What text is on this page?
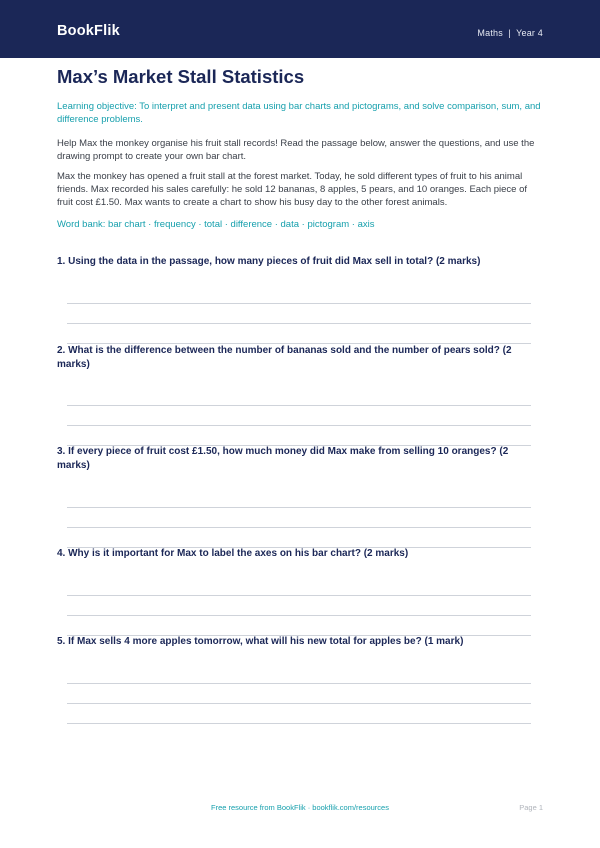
BookFlik	Maths  |  Year 4
Max’s Market Stall Statistics
Learning objective: To interpret and present data using bar charts and pictograms, and solve comparison, sum, and difference problems.
Help Max the monkey organise his fruit stall records! Read the passage below, answer the questions, and use the drawing prompt to create your own bar chart.
Max the monkey has opened a fruit stall at the forest market. Today, he sold different types of fruit to his animal friends. Max recorded his sales carefully: he sold 12 bananas, 8 apples, 5 pears, and 10 oranges. Each piece of fruit cost £1.50. Max wants to create a chart to show his busy day to the other forest animals.
Word bank: bar chart · frequency · total · difference · data · pictogram · axis
1. Using the data in the passage, how many pieces of fruit did Max sell in total? (2 marks)
2. What is the difference between the number of bananas sold and the number of pears sold? (2 marks)
3. If every piece of fruit cost £1.50, how much money did Max make from selling 10 oranges? (2 marks)
4. Why is it important for Max to label the axes on his bar chart? (2 marks)
5. If Max sells 4 more apples tomorrow, what will his new total for apples be? (1 mark)
Free resource from BookFlik · bookflik.com/resources	Page 1
